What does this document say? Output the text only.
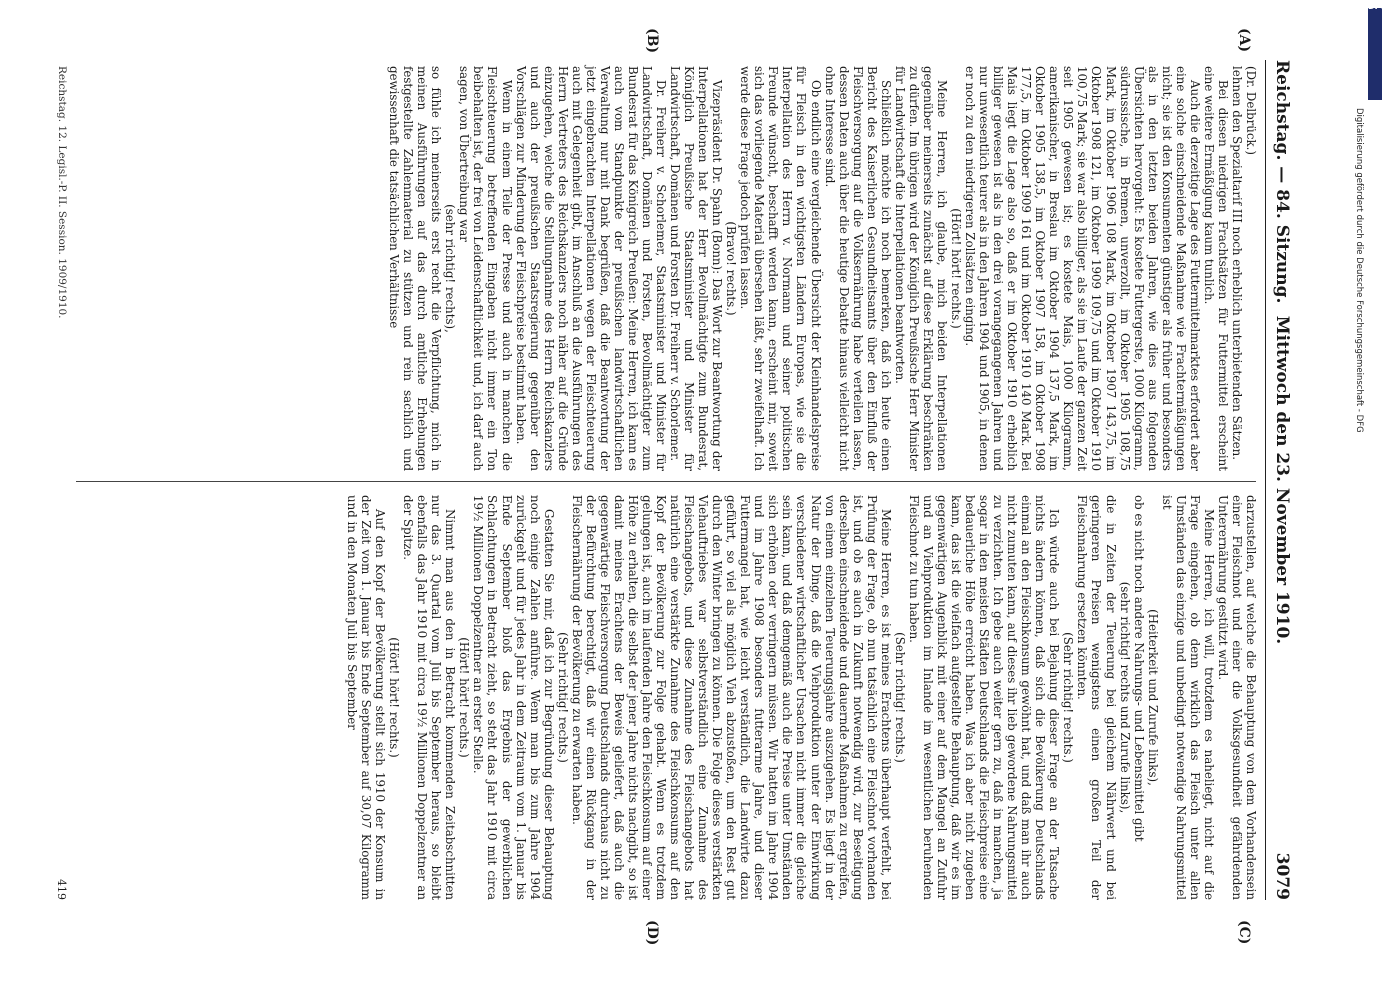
Reichstag. — 84. Sitzung.
Mittwoch den 23. November 1910.
3079
(A)
(B)
(C)
(D)

(Dr. Delbrück.)

lehnen den Spezialtarif III noch erheblich unterbietenden Sätzen.

Bei diesen niedrigen Frachtsätzen für Futtermittel erscheint eine weitere Ermäßigung kaum tunlich.

Auch die derzeitige Lage des Futtermittelmarktes erfordert aber eine solche einschneidende Maßnahme wie Frachtermäßigungen nicht; sie ist den Konsumenten günstiger als früher und besonders als in den letzten beiden Jahren, wie dies aus folgenden Übersichten hervorgeht: Es kostete Futtergerste, 1000 Kilogramm, südrussische, in Bremen, unverzollt, im Oktober 1905 108,75 Mark, im Oktober 1906 108 Mark, im Oktober 1907 143,75, im Oktober 1908 121, im Oktober 1909 109,75 und im Oktober 1910 100,75 Mark; sie war also billiger, als sie im Laufe der ganzen Zeit seit 1905 gewesen ist; es kostete Mais, 1000 Kilogramm, amerikanischer, in Breslau im Oktober 1904 137,5 Mark, im Oktober 1905 138,5, im Oktober 1907 158, im Oktober 1908 177,5, im Oktober 1909 161 und im Oktober 1910 140 Mark. Bei Mais liegt die Lage also so, daß er im Oktober 1910 erheblich billiger gewesen ist als in den drei vorangegangenen Jahren und nur unwesentlich teurer als in den Jahren 1904 und 1905, in denen er noch zu den niedrigeren Zollsätzen einging.

(Hört! hört! rechts.)

Meine Herren, ich glaube, mich beiden Interpellationen gegenüber meinerseits zunächst auf diese Erklärung beschränken zu dürfen. Im übrigen wird der Königlich Preußische Herr Minister für Landwirtschaft die Interpellationen beantworten.

Schließlich möchte ich noch bemerken, daß ich heute einen Bericht des Kaiserlichen Gesundheitsamts über den Einfluß der Fleischversorgung auf die Volksernährung habe verteilen lassen, dessen Daten auch über die heutige Debatte hinaus vielleicht nicht ohne Interesse sind.

Ob endlich eine vergleichende Übersicht der Kleinhandelspreise für Fleisch in den wichtigsten Ländern Europas, wie sie die Interpellation des Herrn v. Normann und seiner politischen Freunde wünscht, beschafft werden kann, erscheint mir, soweit sich das vorliegende Material übersehen läßt, sehr zweifelhaft. Ich werde diese Frage jedoch prüfen lassen.

(Bravo! rechts.)

Vizepräsident Dr. Spahn (Bonn): Das Wort zur Beantwortung der Interpellationen hat der Herr Bevollmächtigte zum Bundesrat, Königlich Preußische Staatsminister und Minister für Landwirtschaft, Domänen und Forsten Dr. Freiherr v. Schorlemer.

Dr. Freiherr v. Schorlemer, Staatsminister und Minister für Landwirtschaft, Domänen und Forsten, Bevollmächtigter zum Bundesrat für das Königreich Preußen: Meine Herren, ich kann es auch vom Standpunkte der preußischen landwirtschaftlichen Verwaltung nur mit Dank begrüßen, daß die Beantwortung der jetzt eingebrachten Interpellationen wegen der Fleischteuerung auch mit Gelegenheit gibt, im Anschluß an die Ausführungen des Herrn Vertreters des Reichskanzlers noch näher auf die Gründe einzugehen, welche die Stellungnahme des Herrn Reichskanzlers und auch der preußischen Staatsregierung gegenüber den Vorschlägen zur Minderung der Fleischpreise bestimmt haben.

Wenn in einem Teile der Presse und auch in manchen die Fleischteuerung betreffenden Eingaben nicht immer ein Ton beibehalten ist, der frei von Leidenschaftlichkeit und, ich darf auch sagen, von Übertreibung war

(sehr richtig! rechts),

so fühle ich meinerseits erst recht die Verpflichtung, mich in meinen Ausführungen auf das durch amtliche Erhebungen festgestellte Zahlenmaterial zu stützen und rein sachlich und gewissenhaft die tatsächlichen Verhältnisse

darzustellen, auf welche die Behauptung von dem Vorhandensein einer Fleischnot und einer die Volksgesundheit gefährdenden Unterernährung gestützt wird.

Meine Herren, ich will, trotzdem es naheliegt, nicht auf die Frage eingehen, ob denn wirklich das Fleisch unter allen Umständen das einzige und unbedingt notwendige Nahrungsmittel ist

(Heiterkeit und Zurufe links),

ob es nicht noch andere Nahrungs- und Lebensmittel gibt

(sehr richtig! rechts und Zurufe links),

die in Zeiten der Teuerung bei gleichem Nährwert und bei geringeren Preisen wenigstens einen großen Teil der Fleischnahrung ersetzen könnten.

(Sehr richtig! rechts.)

Ich würde auch bei Bejahung dieser Frage an der Tatsache nichts ändern können, daß sich die Bevölkerung Deutschlands einmal an den Fleischkonsum gewöhnt hat, und daß man ihr auch nicht zumuten kann, auf dieses ihr lieb gewordene Nahrungsmittel zu verzichten. Ich gebe auch weiter gern zu, daß in manchen, ja sogar in den meisten Städten Deutschlands die Fleischpreise eine bedauerliche Höhe erreicht haben. Was ich aber nicht zugeben kann, das ist die vielfach aufgestellte Behauptung, daß wir es im gegenwärtigen Augenblick mit einer auf dem Mangel an Zufuhr und an Viehproduktion im Inlande im wesentlichen beruhenden Fleischnot zu tun haben.

(Sehr richtig! rechts.)

Meine Herren, es ist meines Erachtens überhaupt verfehlt, bei Prüfung der Frage, ob nun tatsächlich eine Fleischnot vorhanden ist, und ob es auch in Zukunft notwendig wird, zur Beseitigung derselben einschneidende und dauernde Maßnahmen zu ergreifen, von einem einzelnen Teuerungsjahre auszugehen. Es liegt in der Natur der Dinge, daß die Viehproduktion unter der Einwirkung verschiedener wirtschaftlicher Ursachen nicht immer die gleiche sein kann, und daß demgemäß auch die Preise unter Umständen sich erhöhen oder verringern müssen. Wir hatten im Jahre 1904 und im Jahre 1908 besonders futterarme Jahre, und dieser Futtermangel hat, wie leicht verständlich, die Landwirte dazu geführt, so viel als möglich Vieh abzustoßen, um den Rest gut durch den Winter bringen zu können. Die Folge dieses verstärkten Viehauftriebes war selbstverständlich eine Zunahme des Fleischangebots, und diese Zunahme des Fleischangebots hat natürlich eine verstärkte Zunahme des Fleischkonsums auf den Kopf der Bevölkerung zur Folge gehabt. Wenn es trotzdem gelungen ist, auch im laufenden Jahre den Fleischkonsum auf einer Höhe zu erhalten, die selbst der jener Jahre nichts nachgibt, so ist damit meines Erachtens der Beweis geliefert, daß auch die gegenwärtige Fleischversorgung Deutschlands durchaus nicht zu der Befürchtung berechtigt, daß wir einen Rückgang in der Fleischernährung der Bevölkerung zu erwarten haben.

(Sehr richtig! rechts.)

Gestatten Sie mir, daß ich zur Begründung dieser Behauptung noch einige Zahlen anführe. Wenn man bis zum Jahre 1904 zurückgeht und für jedes Jahr in dem Zeitraum vom 1. Januar bis Ende September bloß das Ergebnis der gewerblichen Schlachtungen in Betracht zieht, so steht das Jahr 1910 mit circa 19½ Millionen Doppelzentner an erster Stelle.

(Hört! hört! rechts.)

Nimmt man aus den in Betracht kommenden Zeitabschnitten nur das 3. Quartal vom Juli bis September heraus, so bleibt ebenfalls das Jahr 1910 mit circa 19½ Millionen Doppelzentner an der Spitze.

(Hört! hört! rechts.)

Auf den Kopf der Bevölkerung stellt sich 1910 der Konsum in der Zeit vom 1. Januar bis Ende September auf 30,07 Kilogramm und in den Monaten Juli bis September

Reichstag. 12. Legisl.-P. II. Session. 1909/1910.
419
DFG
Digitalisierung gefördert durch die Deutsche Forschungsgemeinschaft - DFG
